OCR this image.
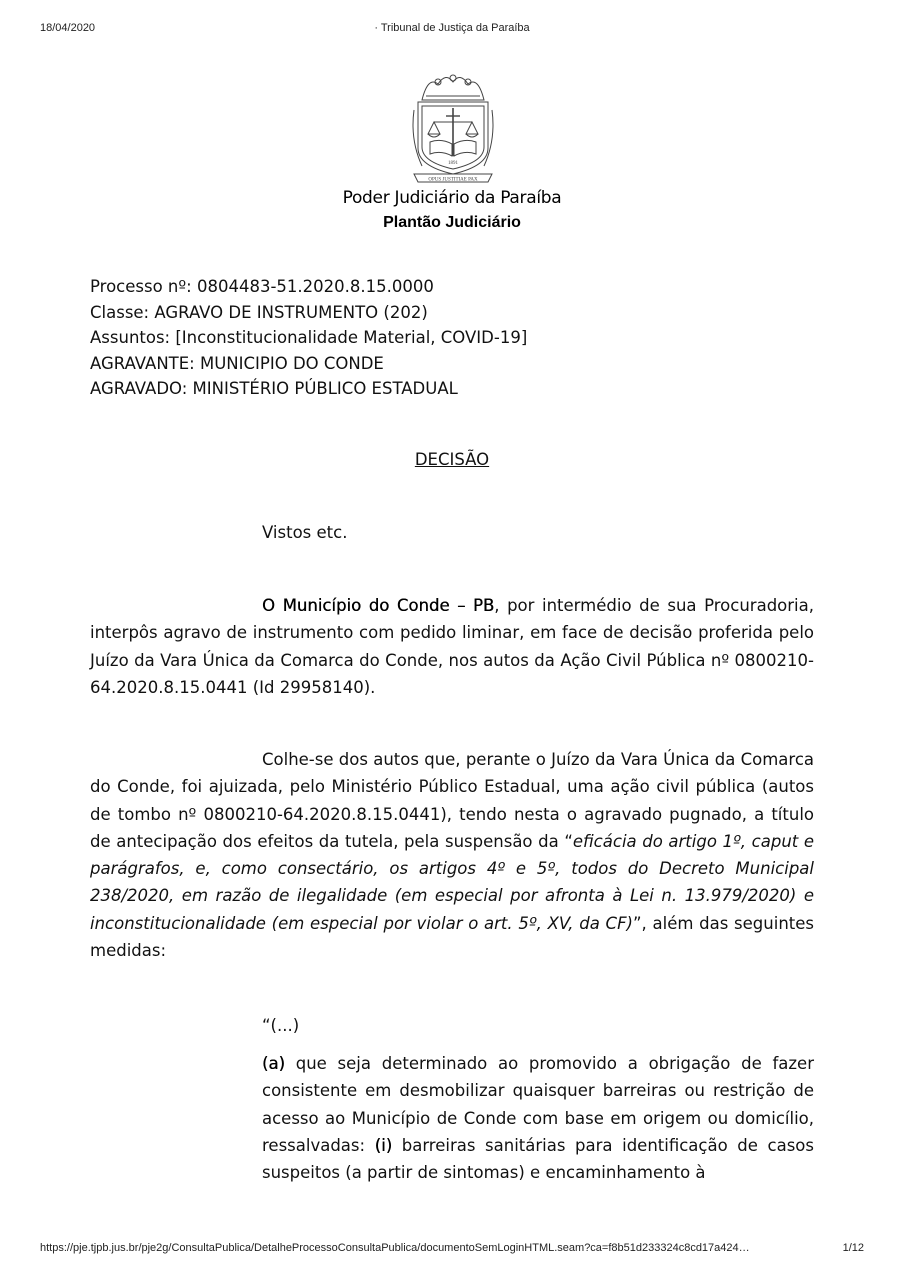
18/04/2020	· Tribunal de Justiça da Paraíba
1891
OPUS JUSTITIAE PAX
Poder Judiciário da Paraíba
Plantão Judiciário
Processo nº: 0804483-51.2020.8.15.0000
Classe: AGRAVO DE INSTRUMENTO (202)
Assuntos: [Inconstitucionalidade Material, COVID-19]
AGRAVANTE: MUNICIPIO DO CONDE
AGRAVADO: MINISTÉRIO PÚBLICO ESTADUAL
DECISÃO
Vistos etc.
O Município do Conde – PB, por intermédio de sua Procuradoria, interpôs agravo de instrumento com pedido liminar, em face de decisão proferida pelo Juízo da Vara Única da Comarca do Conde, nos autos da Ação Civil Pública nº 0800210-64.2020.8.15.0441 (Id 29958140).
Colhe-se dos autos que, perante o Juízo da Vara Única da Comarca do Conde, foi ajuizada, pelo Ministério Público Estadual, uma ação civil pública (autos de tombo nº 0800210-64.2020.8.15.0441), tendo nesta o agravado pugnado, a título de antecipação dos efeitos da tutela, pela suspensão da “eficácia do artigo 1º, caput e parágrafos, e, como consectário, os artigos 4º e 5º, todos do Decreto Municipal 238/2020, em razão de ilegalidade (em especial por afronta à Lei n. 13.979/2020) e inconstitucionalidade (em especial por violar o art. 5º, XV, da CF)”, além das seguintes medidas:
“(...)
(a) que seja determinado ao promovido a obrigação de fazer consistente em desmobilizar quaisquer barreiras ou restrição de acesso ao Município de Conde com base em origem ou domicílio, ressalvadas: (i) barreiras sanitárias para identificação de casos suspeitos (a partir de sintomas) e encaminhamento à
https://pje.tjpb.jus.br/pje2g/ConsultaPublica/DetalheProcessoConsultaPublica/documentoSemLoginHTML.seam?ca=f8b51d233324c8cd17a424…	1/12
